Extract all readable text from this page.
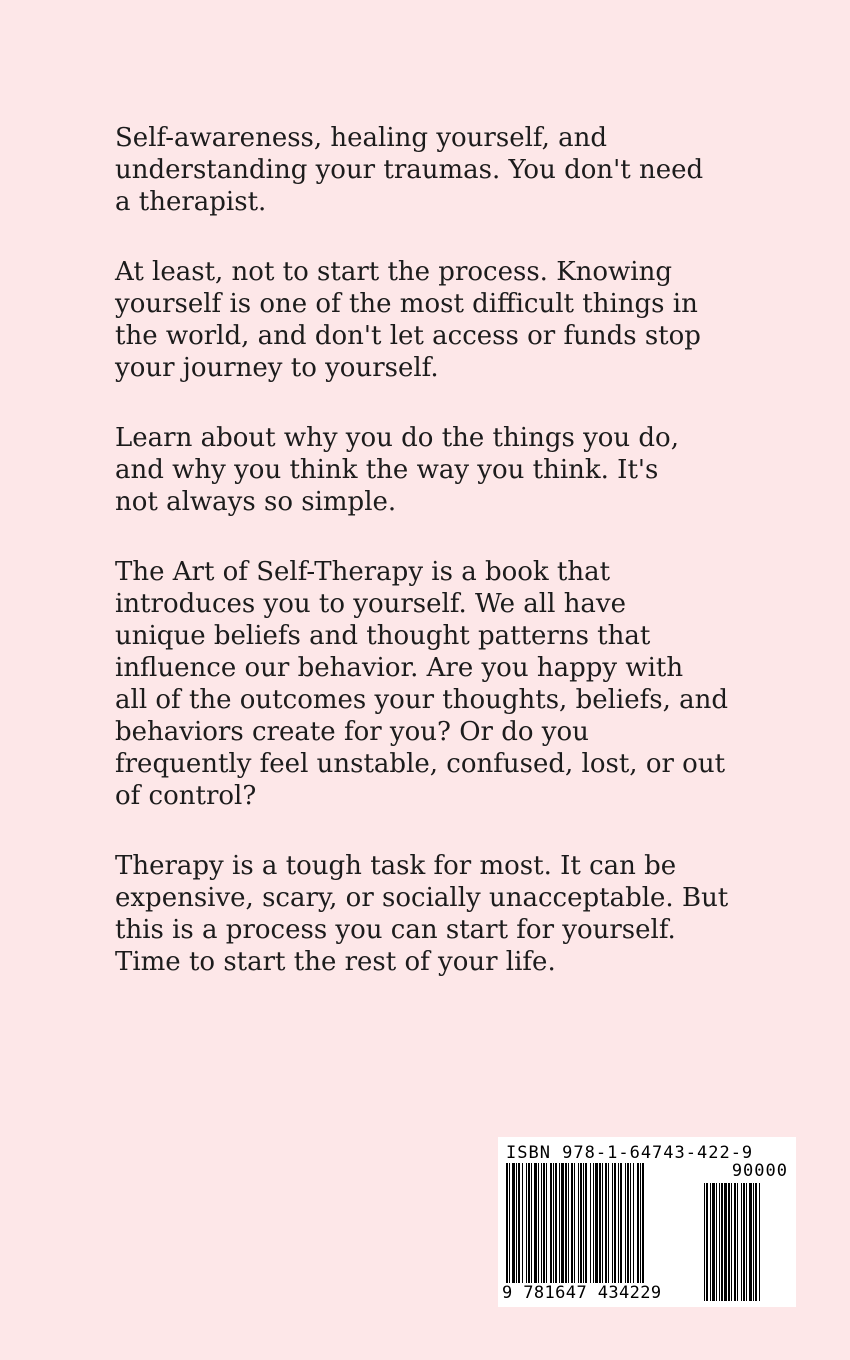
Self-awareness, healing yourself, and
understanding your traumas. You don't need
a therapist.

At least, not to start the process. Knowing
yourself is one of the most difficult things in
the world, and don't let access or funds stop
your journey to yourself.

Learn about why you do the things you do,
and why you think the way you think. It's
not always so simple.

The Art of Self-Therapy is a book that
introduces you to yourself. We all have
unique beliefs and thought patterns that
influence our behavior. Are you happy with
all of the outcomes your thoughts, beliefs, and
behaviors create for you? Or do you
frequently feel unstable, confused, lost, or out
of control?

Therapy is a tough task for most. It can be
expensive, scary, or socially unacceptable. But
this is a process you can start for yourself.
Time to start the rest of your life.

ISBN 978-1-64743-422-9
90000
9 781647 434229
